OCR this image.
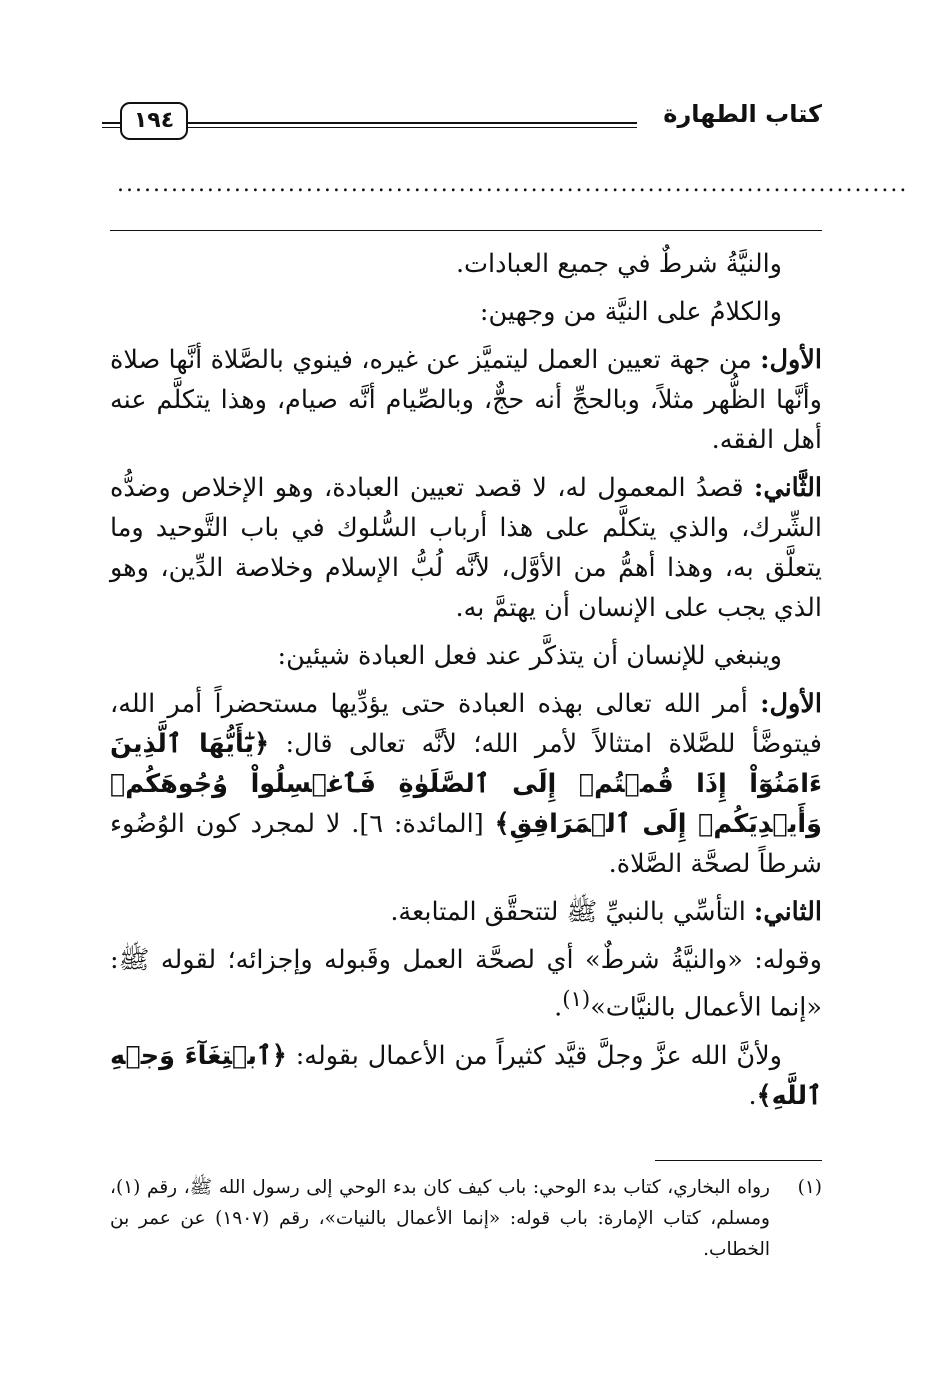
كتاب الطهارة
١٩٤
........................................................................................

والنيَّةُ شرطٌ في جميع العبادات.

والكلامُ على النيَّة من وجهين:

الأول: من جهة تعيين العمل ليتميَّز عن غيره، فينوي بالصَّلاة أنَّها صلاة وأنَّها الظُّهر مثلاً، وبالحجِّ أنه حجٌّ، وبالصِّيام أنَّه صيام، وهذا يتكلَّم عنه أهل الفقه.

الثَّاني: قصدُ المعمول له، لا قصد تعيين العبادة، وهو الإخلاص وضدُّه الشِّرك، والذي يتكلَّم على هذا أرباب السُّلوك في باب التَّوحيد وما يتعلَّق به، وهذا أهمُّ من الأوَّل، لأنَّه لُبُّ الإسلام وخلاصة الدِّين، وهو الذي يجب على الإنسان أن يهتمَّ به.

وينبغي للإنسان أن يتذكَّر عند فعل العبادة شيئين:

الأول: أمر الله تعالى بهذه العبادة حتى يؤدِّيها مستحضراً أمر الله، فيتوضَّأ للصَّلاة امتثالاً لأمر الله؛ لأنَّه تعالى قال: ﴿يَٰٓأَيُّهَا ٱلَّذِينَ ءَامَنُوٓاْ إِذَا قُمۡتُمۡ إِلَى ٱلصَّلَوٰةِ فَٱغۡسِلُواْ وُجُوهَكُمۡ وَأَيۡدِيَكُمۡ إِلَى ٱلۡمَرَافِقِ﴾ [المائدة: ٦]. لا لمجرد كون الوُضُوء شرطاً لصحَّة الصَّلاة.

الثاني: التأسِّي بالنبيِّ ﷺ لتتحقَّق المتابعة.

وقوله: «والنيَّةُ شرطٌ» أي لصحَّة العمل وقَبوله وإجزائه؛ لقوله ﷺ: «إنما الأعمال بالنيَّات»$^{(١)}$.

ولأنَّ الله عزَّ وجلَّ قيَّد كثيراً من الأعمال بقوله: ﴿ٱبۡتِغَآءَ وَجۡهِ ٱللَّهِ﴾.

(١)
رواه البخاري، كتاب بدء الوحي: باب كيف كان بدء الوحي إلى رسول الله ﷺ، رقم (١)، ومسلم، كتاب الإمارة: باب قوله: «إنما الأعمال بالنيات»، رقم (١٩٠٧) عن عمر بن الخطاب.
